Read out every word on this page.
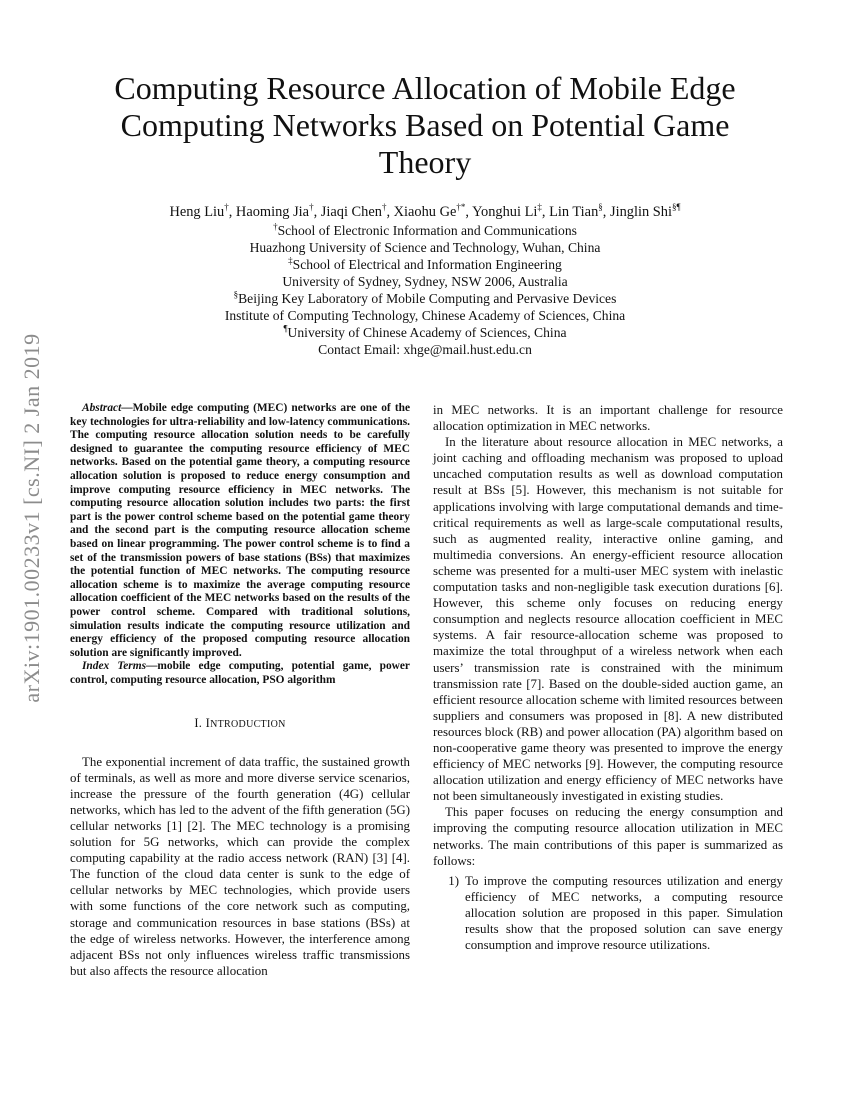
arXiv:1901.00233v1 [cs.NI] 2 Jan 2019
Computing Resource Allocation of Mobile Edge Computing Networks Based on Potential Game Theory
Heng Liu†, Haoming Jia†, Jiaqi Chen†, Xiaohu Ge†*, Yonghui Li‡, Lin Tian§, Jinglin Shi§¶
†School of Electronic Information and Communications
Huazhong University of Science and Technology, Wuhan, China
‡School of Electrical and Information Engineering
University of Sydney, Sydney, NSW 2006, Australia
§Beijing Key Laboratory of Mobile Computing and Pervasive Devices
Institute of Computing Technology, Chinese Academy of Sciences, China
¶University of Chinese Academy of Sciences, China
Contact Email: xhge@mail.hust.edu.cn

Abstract—Mobile edge computing (MEC) networks are one of the key technologies for ultra-reliability and low-latency communications. The computing resource allocation solution needs to be carefully designed to guarantee the computing resource efficiency of MEC networks. Based on the potential game theory, a computing resource allocation solution is proposed to reduce energy consumption and improve computing resource efficiency in MEC networks. The computing resource allocation solution includes two parts: the first part is the power control scheme based on the potential game theory and the second part is the computing resource allocation scheme based on linear programming. The power control scheme is to find a set of the transmission powers of base stations (BSs) that maximizes the potential function of MEC networks. The computing resource allocation scheme is to maximize the average computing resource allocation coefficient of the MEC networks based on the results of the power control scheme. Compared with traditional solutions, simulation results indicate the computing resource utilization and energy efficiency of the proposed computing resource allocation solution are significantly improved.

Index Terms—mobile edge computing, potential game, power control, computing resource allocation, PSO algorithm

I. INTRODUCTION

The exponential increment of data traffic, the sustained growth of terminals, as well as more and more diverse service scenarios, increase the pressure of the fourth generation (4G) cellular networks, which has led to the advent of the fifth generation (5G) cellular networks [1] [2]. The MEC technology is a promising solution for 5G networks, which can provide the complex computing capability at the radio access network (RAN) [3] [4]. The function of the cloud data center is sunk to the edge of cellular networks by MEC technologies, which provide users with some functions of the core network such as computing, storage and communication resources in base stations (BSs) at the edge of wireless networks. However, the interference among adjacent BSs not only influences wireless traffic transmissions but also affects the resource allocation

in MEC networks. It is an important challenge for resource allocation optimization in MEC networks.

In the literature about resource allocation in MEC networks, a joint caching and offloading mechanism was proposed to upload uncached computation results as well as download computation result at BSs [5]. However, this mechanism is not suitable for applications involving with large computational demands and time-critical requirements as well as large-scale computational results, such as augmented reality, interactive online gaming, and multimedia conversions. An energy-efficient resource allocation scheme was presented for a multi-user MEC system with inelastic computation tasks and non-negligible task execution durations [6]. However, this scheme only focuses on reducing energy consumption and neglects resource allocation coefficient in MEC systems. A fair resource-allocation scheme was proposed to maximize the total throughput of a wireless network when each users’ transmission rate is constrained with the minimum transmission rate [7]. Based on the double-sided auction game, an efficient resource allocation scheme with limited resources between suppliers and consumers was proposed in [8]. A new distributed resources block (RB) and power allocation (PA) algorithm based on non-cooperative game theory was presented to improve the energy efficiency of MEC networks [9]. However, the computing resource allocation utilization and energy efficiency of MEC networks have not been simultaneously investigated in existing studies.

This paper focuses on reducing the energy consumption and improving the computing resource allocation utilization in MEC networks. The main contributions of this paper is summarized as follows:

1) To improve the computing resources utilization and energy efficiency of MEC networks, a computing resource allocation solution are proposed in this paper. Simulation results show that the proposed solution can save energy consumption and improve resource utilizations.
